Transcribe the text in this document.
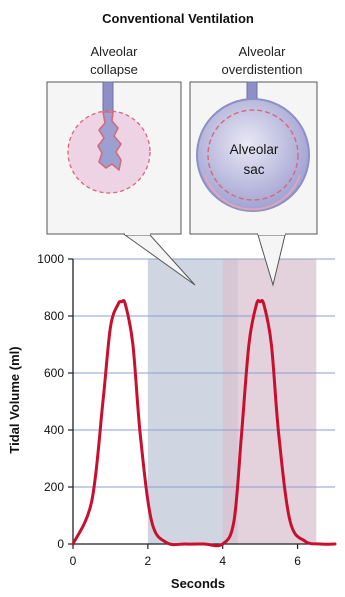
Conventional Ventilation
Alveolar
collapse
Alveolar
overdistention
Alveolar
sac
0
200
400
600
800
1000
0	2	4	6
Seconds
Tidal Volume (ml)
